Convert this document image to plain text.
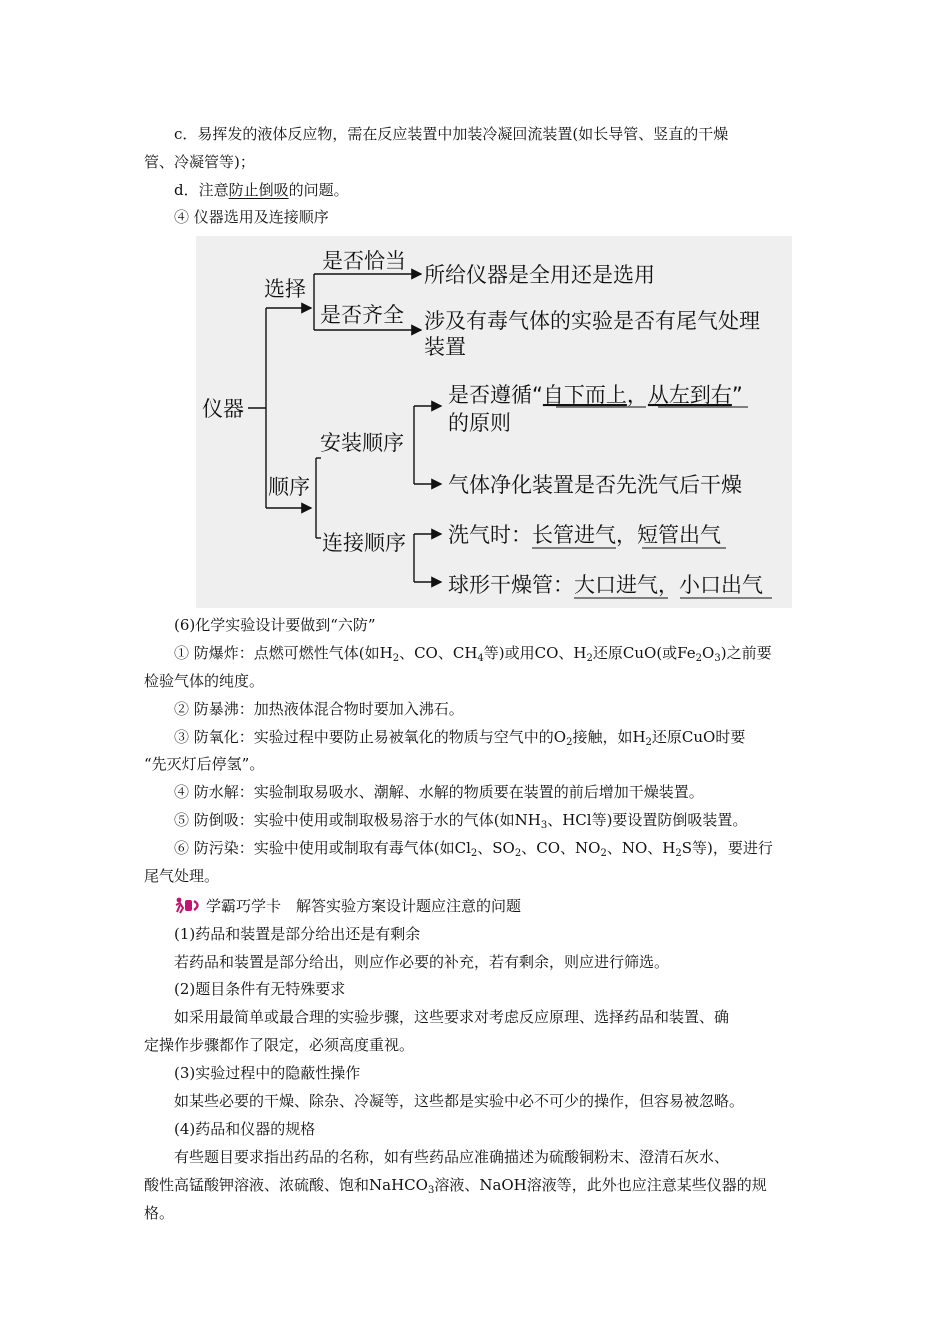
c．易挥发的液体反应物，需在反应装置中加装冷凝回流装置(如长导管、竖直的干燥
管、冷凝管等)；
d．注意防止倒吸的问题。
④ 仪器选用及连接顺序
仪器
选择
顺序
是否恰当
所给仪器是全用还是选用
是否齐全 涉及有毒气体的实验是否有尾气处理
装置
安装顺序
是否遵循“自下而上，从左到右”
的原则
气体净化装置是否先洗气后干燥
连接顺序 洗气时：长管进气，短管出气
球形干燥管：大口进气，小口出气
(6)化学实验设计要做到“六防”
① 防爆炸：点燃可燃性气体(如$H_2$、CO、$CH_4$等)或用CO、$H_2$还原CuO(或$Fe_2O_3$)之前要
检验气体的纯度。
② 防暴沸：加热液体混合物时要加入沸石。
③ 防氧化：实验过程中要防止易被氧化的物质与空气中的$O_2$接触，如$H_2$还原CuO时要
“先灭灯后停氢”。
④ 防水解：实验制取易吸水、潮解、水解的物质要在装置的前后增加干燥装置。
⑤ 防倒吸：实验中使用或制取极易溶于水的气体(如$NH_3$、HCl等)要设置防倒吸装置。
⑥ 防污染：实验中使用或制取有毒气体(如$Cl_2$、$SO_2$、CO、$NO_2$、NO、$H_2S$等)，要进行
尾气处理。
学霸巧学卡　解答实验方案设计题应注意的问题
(1)药品和装置是部分给出还是有剩余
若药品和装置是部分给出，则应作必要的补充，若有剩余，则应进行筛选。
(2)题目条件有无特殊要求
如采用最简单或最合理的实验步骤，这些要求对考虑反应原理、选择药品和装置、确
定操作步骤都作了限定，必须高度重视。
(3)实验过程中的隐蔽性操作
如某些必要的干燥、除杂、冷凝等，这些都是实验中必不可少的操作，但容易被忽略。
(4)药品和仪器的规格
有些题目要求指出药品的名称，如有些药品应准确描述为硫酸铜粉末、澄清石灰水、
酸性高锰酸钾溶液、浓硫酸、饱和NaHCO$_3$溶液、NaOH溶液等，此外也应注意某些仪器的规
格。
